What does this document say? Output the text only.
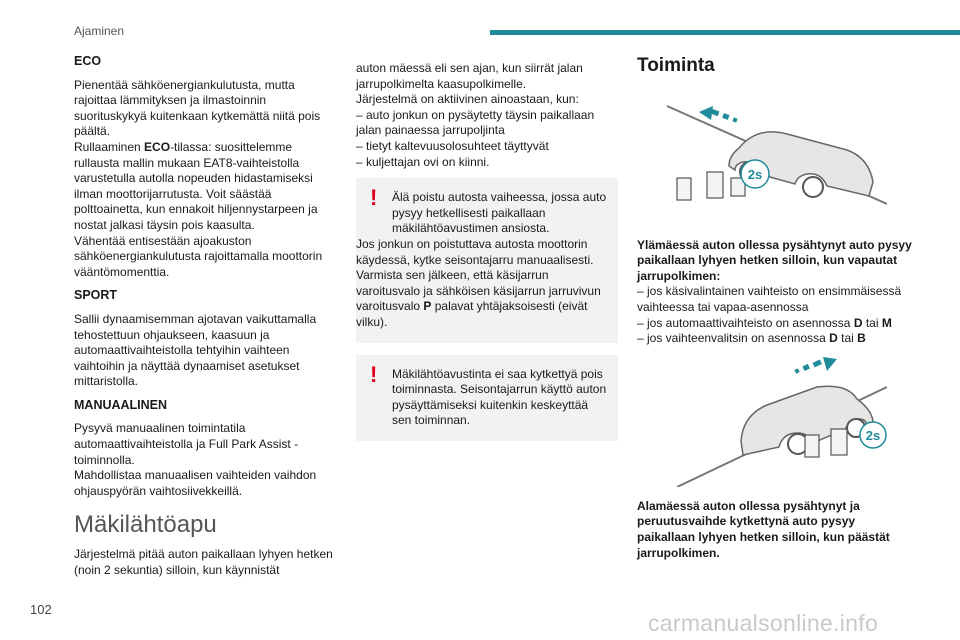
Ajaminen
ECO
Pienentää sähköenergiankulutusta, mutta rajoittaa lämmityksen ja ilmastoinnin suorituskykyä kuitenkaan kytkemättä niitä pois päältä.
Rullaaminen ECO-tilassa: suosittelemme rullausta mallin mukaan EAT8-vaihteistolla varustetulla autolla nopeuden hidastamiseksi ilman moottorijarrutusta. Voit säästää polttoainetta, kun ennakoit hiljennystarpeen ja nostat jalkasi täysin pois kaasulta.
Vähentää entisestään ajoakuston sähköenergiankulutusta rajoittamalla moottorin vääntömomenttia.
SPORT
Sallii dynaamisemman ajotavan vaikuttamalla tehostettuun ohjaukseen, kaasuun ja automaattivaihteistolla tehtyihin vaihteen vaihtoihin ja näyttää dynaamiset asetukset mittaristolla.
MANUAALINEN
Pysyvä manuaalinen toimintatila automaattivaihteistolla ja Full Park Assist -toiminnolla.
Mahdollistaa manuaalisen vaihteiden vaihdon ohjauspyörän vaihtosiivekkeillä.
Mäkilähtöapu
Järjestelmä pitää auton paikallaan lyhyen hetken (noin 2 sekuntia) silloin, kun käynnistät
auton mäessä eli sen ajan, kun siirrät jalan jarrupolkimelta kaasupolkimelle.
Järjestelmä on aktiivinen ainoastaan, kun:
– auto jonkun on pysäytetty täysin paikallaan jalan painaessa jarrupoljinta
– tietyt kaltevuusolosuhteet täyttyvät
– kuljettajan ovi on kiinni.
!	Älä poistu autosta vaiheessa, jossa auto pysyy hetkellisesti paikallaan mäkilähtöavustimen ansiosta.
Jos jonkun on poistuttava autosta moottorin käydessä, kytke seisontajarru manuaalisesti. Varmista sen jälkeen, että käsijarrun varoitusvalo ja sähköisen käsijarrun jarruvivun varoitusvalo P palavat yhtäjaksoisesti (eivät vilku).
!	Mäkilähtöavustinta ei saa kytkettyä pois toiminnasta. Seisontajarrun käyttö auton pysäyttämiseksi kuitenkin keskeyttää sen toiminnan.
Toiminta
2s
Ylämäessä auton ollessa pysähtynyt auto pysyy paikallaan lyhyen hetken silloin, kun vapautat jarrupolkimen:
– jos käsivalintainen vaihteisto on ensimmäisessä vaihteessa tai vapaa-asennossa
– jos automaattivaihteisto on asennossa D tai M
– jos vaihteenvalitsin on asennossa D tai B
2s
Alamäessä auton ollessa pysähtynyt ja peruutusvaihde kytkettynä auto pysyy paikallaan lyhyen hetken silloin, kun päästät jarrupolkimen.
102
carmanualsonline.info
